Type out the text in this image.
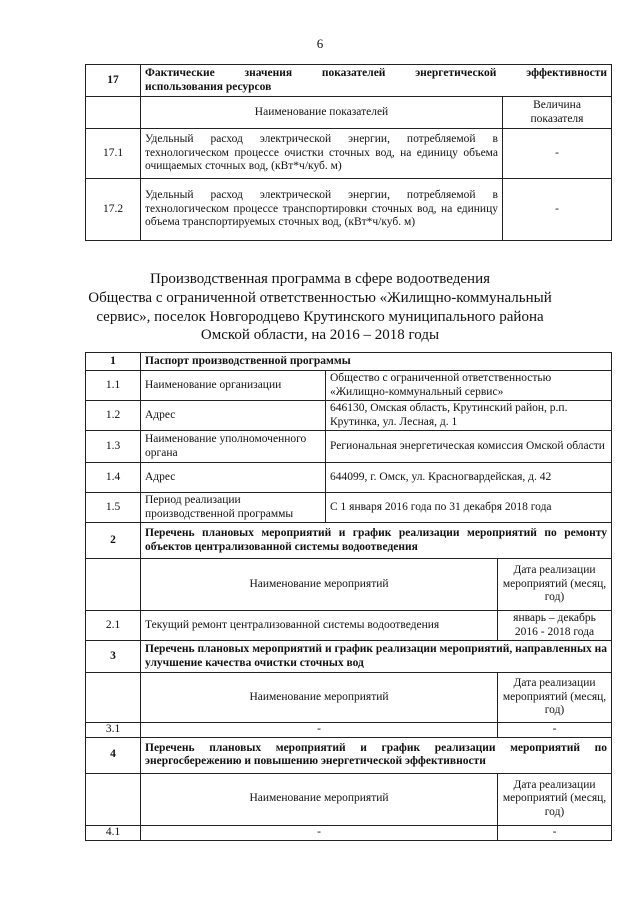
6
17	Фактические значения показателей энергетической эффективности
использования ресурсов	

	Наименование показателей	Величина показателя
17.1	Удельный расход электрической энергии, потребляемой в технологическом процессе очистки сточных вод, на единицу объема очищаемых сточных вод, (кВт*ч/куб. м)	-
17.2	Удельный расход электрической энергии, потребляемой в технологическом процессе транспортировки сточных вод, на единицу объема транспортируемых сточных вод, (кВт*ч/куб. м)	-
Производственная программа в сфере водоотведения
Общества с ограниченной ответственностью «Жилищно-коммунальный
сервис», поселок Новгородцево Крутинского муниципального района
Омской области, на 2016 – 2018 годы
1	Паспорт производственной программы		
1.1	Наименование организации	Общество с ограниченной ответственностью «Жилищно-коммунальный сервис»	
1.2	Адрес	646130, Омская область, Крутинский район, р.п. Крутинка, ул. Лесная, д. 1	
1.3	Наименование уполномоченного органа	Региональная энергетическая комиссия Омской области	
1.4	Адрес	644099, г. Омск, ул. Красногвардейская, д. 42	
1.5	Период реализации производственной программы	С 1 января 2016 года по 31 декабря 2018 года	
2	Перечень плановых мероприятий и график реализации мероприятий по ремонту объектов централизованной системы водоотведения		
	Наименование мероприятий		Дата реализации мероприятий (месяц, год)
2.1	Текущий ремонт централизованной системы водоотведения		январь – декабрь 2016 - 2018 года
3	Перечень плановых мероприятий и график реализации мероприятий, направленных на улучшение качества очистки сточных вод		
	Наименование мероприятий		Дата реализации мероприятий (месяц, год)
3.1	-		-
4	Перечень плановых мероприятий и график реализации мероприятий по энергосбережению и повышению энергетической эффективности		
	Наименование мероприятий		Дата реализации мероприятий (месяц, год)
4.1	-		-
